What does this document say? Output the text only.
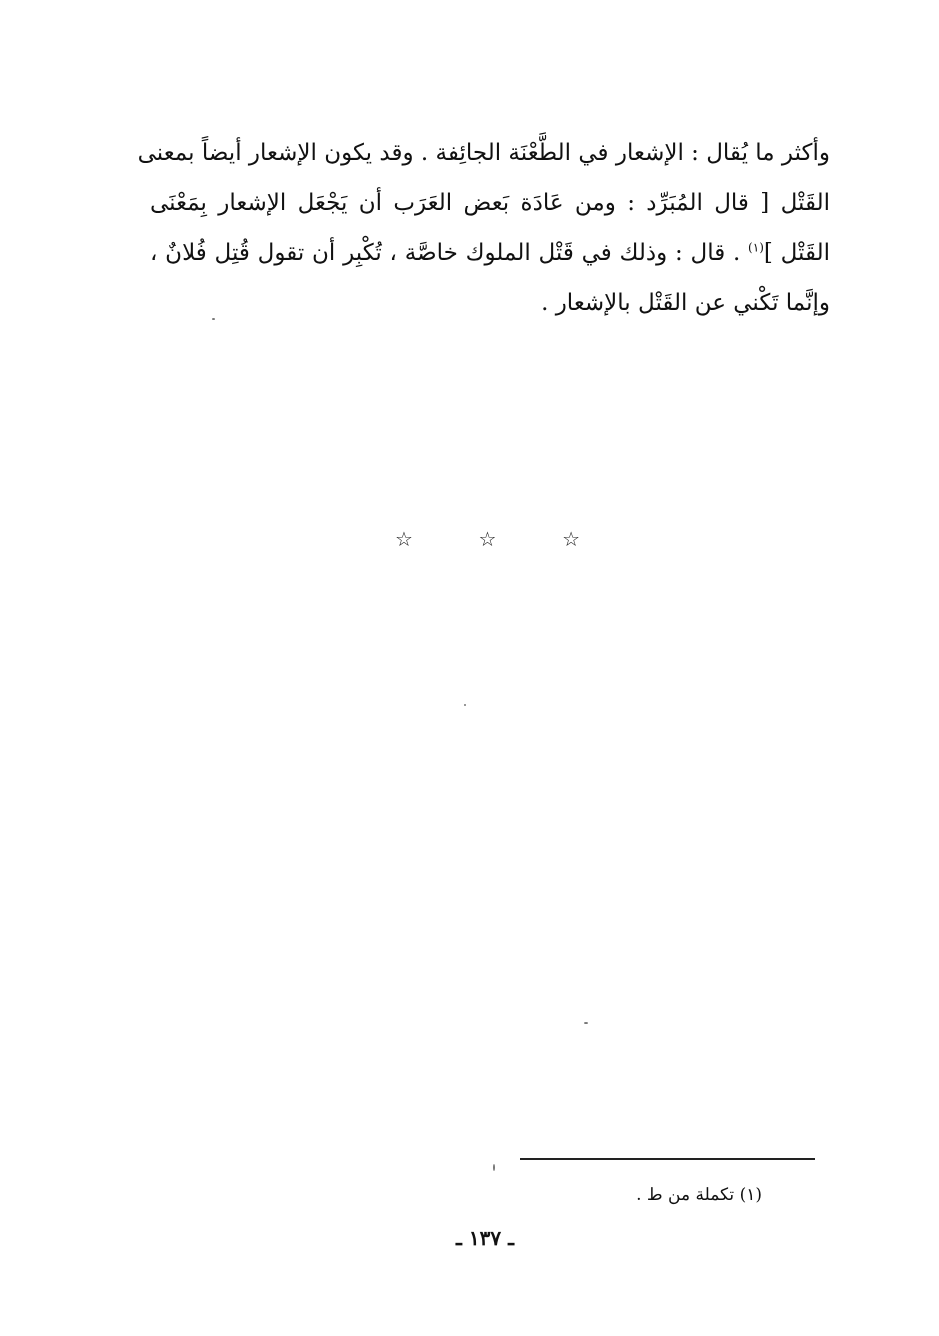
وأكثر ما يُقال : الإشعار في الطَّعْنَة الجائِفة . وقد يكون الإشعار أيضاً بمعنى
القَتْل [ قال المُبَرِّد : ومن عَادَة بَعض العَرَب أن يَجْعَل الإشعار بِمَعْنَى
القَتْل ]$^{(١)}$ . قال : وذلك في قَتْل الملوك خاصَّة ، تُكْبِر أن تقول قُتِل فُلانٌ ،
وإنَّما تَكْني عن القَتْل بالإشعار .
☆	☆	☆
(١) تكملة من ط .
ـ ١٣٧ ـ
